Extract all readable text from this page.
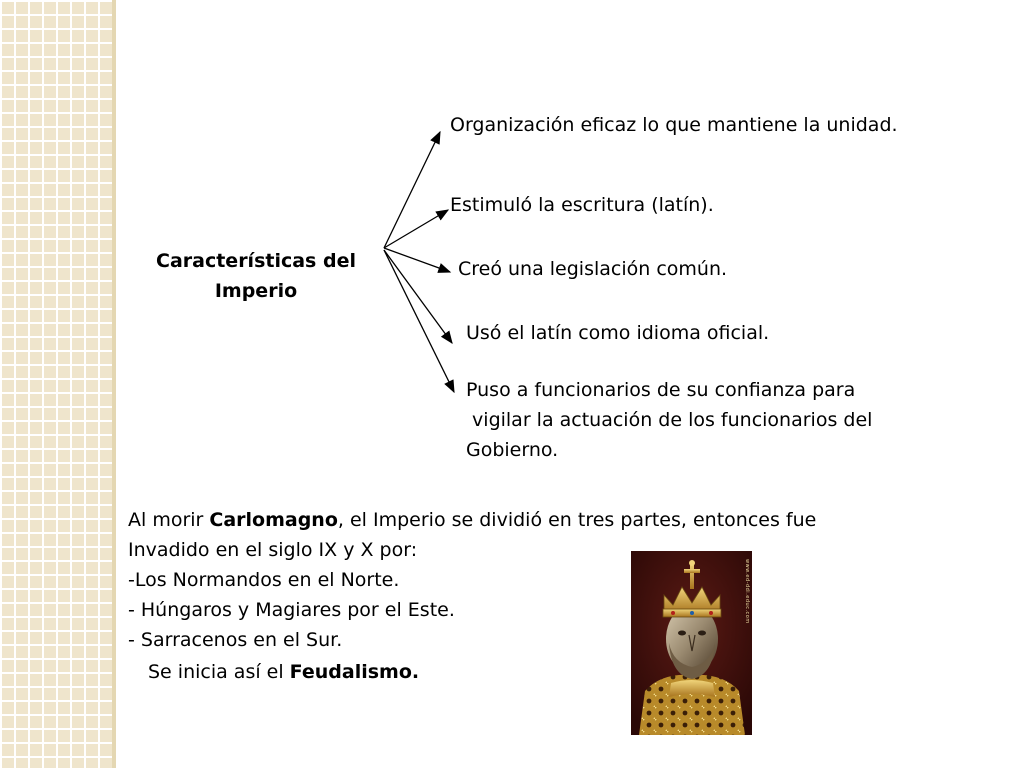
Características del Imperio
Organización eficaz lo que mantiene la unidad.
Estimuló la escritura (latín).
Creó una legislación común.
Usó el latín como idioma oficial.
Puso a funcionarios de su confianza para
vigilar la actuación de los funcionarios del
Gobierno.
Al morir Carlomagno, el Imperio se dividió en tres partes, entonces fue
Invadido en el siglo IX y X por:
-Los Normandos en el Norte.
- Húngaros y Magiares por el Este.
- Sarracenos en el Sur.
Se inicia así el Feudalismo.
www.ed-ddi.educ.com
